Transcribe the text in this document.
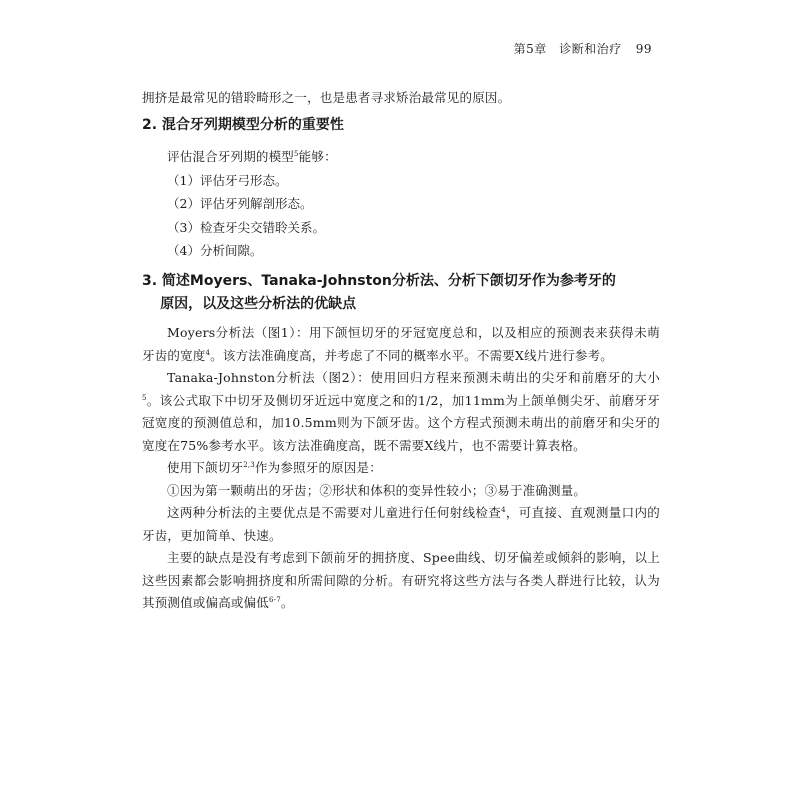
第5章　诊断和治疗 99

拥挤是最常见的错聆畸形之一，也是患者寻求矫治最常见的原因。

2. 混合牙列期模型分析的重要性

评估混合牙列期的模型$^5$能够：

（1）评估牙弓形态。

（2）评估牙列解剖形态。

（3）检查牙尖交错聆关系。

（4）分析间隙。

3. 简述Moyers、Tanaka-Johnston分析法、分析下颌切牙作为参考牙的
原因，以及这些分析法的优缺点

Moyers分析法（图1）：用下颌恒切牙的牙冠宽度总和，以及相应的预测表来获得未萌牙齿的宽度$^4$。该方法准确度高，并考虑了不同的概率水平。不需要X线片进行参考。

Tanaka-Johnston分析法（图2）：使用回归方程来预测未萌出的尖牙和前磨牙的大小$^5$。该公式取下中切牙及侧切牙近远中宽度之和的1/2，加11mm为上颌单侧尖牙、前磨牙牙冠宽度的预测值总和，加10.5mm则为下颌牙齿。这个方程式预测未萌出的前磨牙和尖牙的宽度在75%参考水平。该方法准确度高，既不需要X线片，也不需要计算表格。

使用下颌切牙$^{2,3}$作为参照牙的原因是：

①因为第一颗萌出的牙齿；②形状和体积的变异性较小；③易于准确测量。

这两种分析法的主要优点是不需要对儿童进行任何射线检查$^4$，可直接、直观测量口内的牙齿，更加简单、快速。

主要的缺点是没有考虑到下颌前牙的拥挤度、Spee曲线、切牙偏差或倾斜的影响，以上这些因素都会影响拥挤度和所需间隙的分析。有研究将这些方法与各类人群进行比较，认为其预测值或偏高或偏低$^{6-7}$。
